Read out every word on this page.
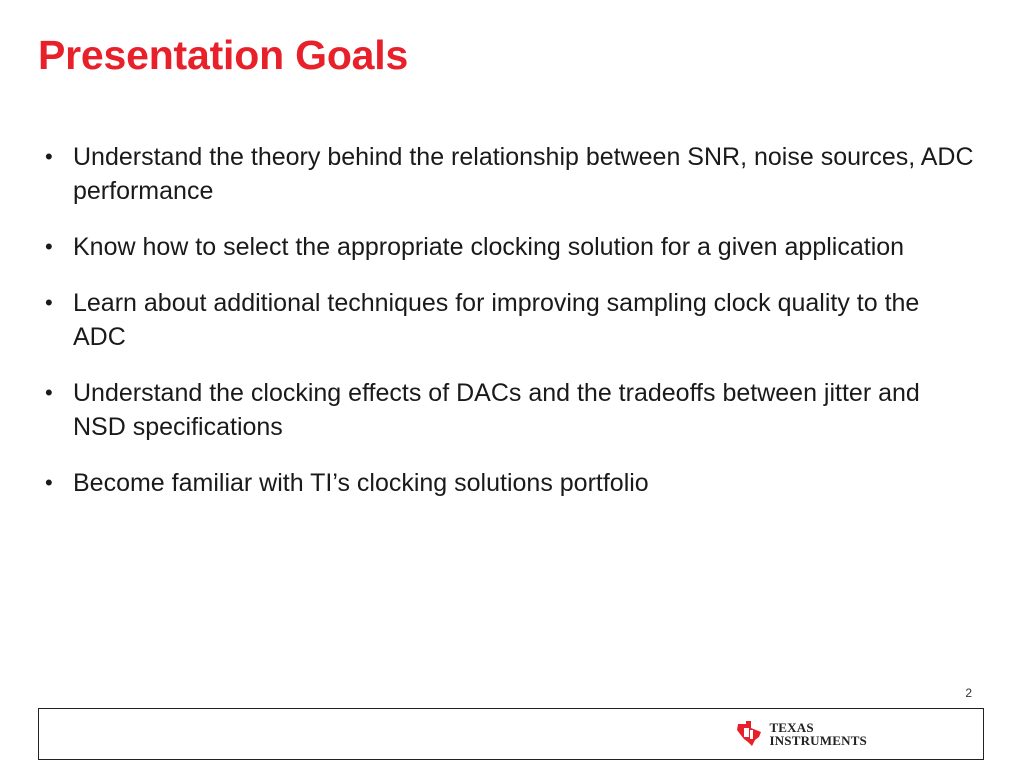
Presentation Goals
• Understand the theory behind the relationship between SNR, noise sources, ADC performance
• Know how to select the appropriate clocking solution for a given application
• Learn about additional techniques for improving sampling clock quality to the ADC
• Understand the clocking effects of DACs and the tradeoffs between jitter and NSD specifications
• Become familiar with TI’s clocking solutions portfolio
2
TEXAS
INSTRUMENTS
